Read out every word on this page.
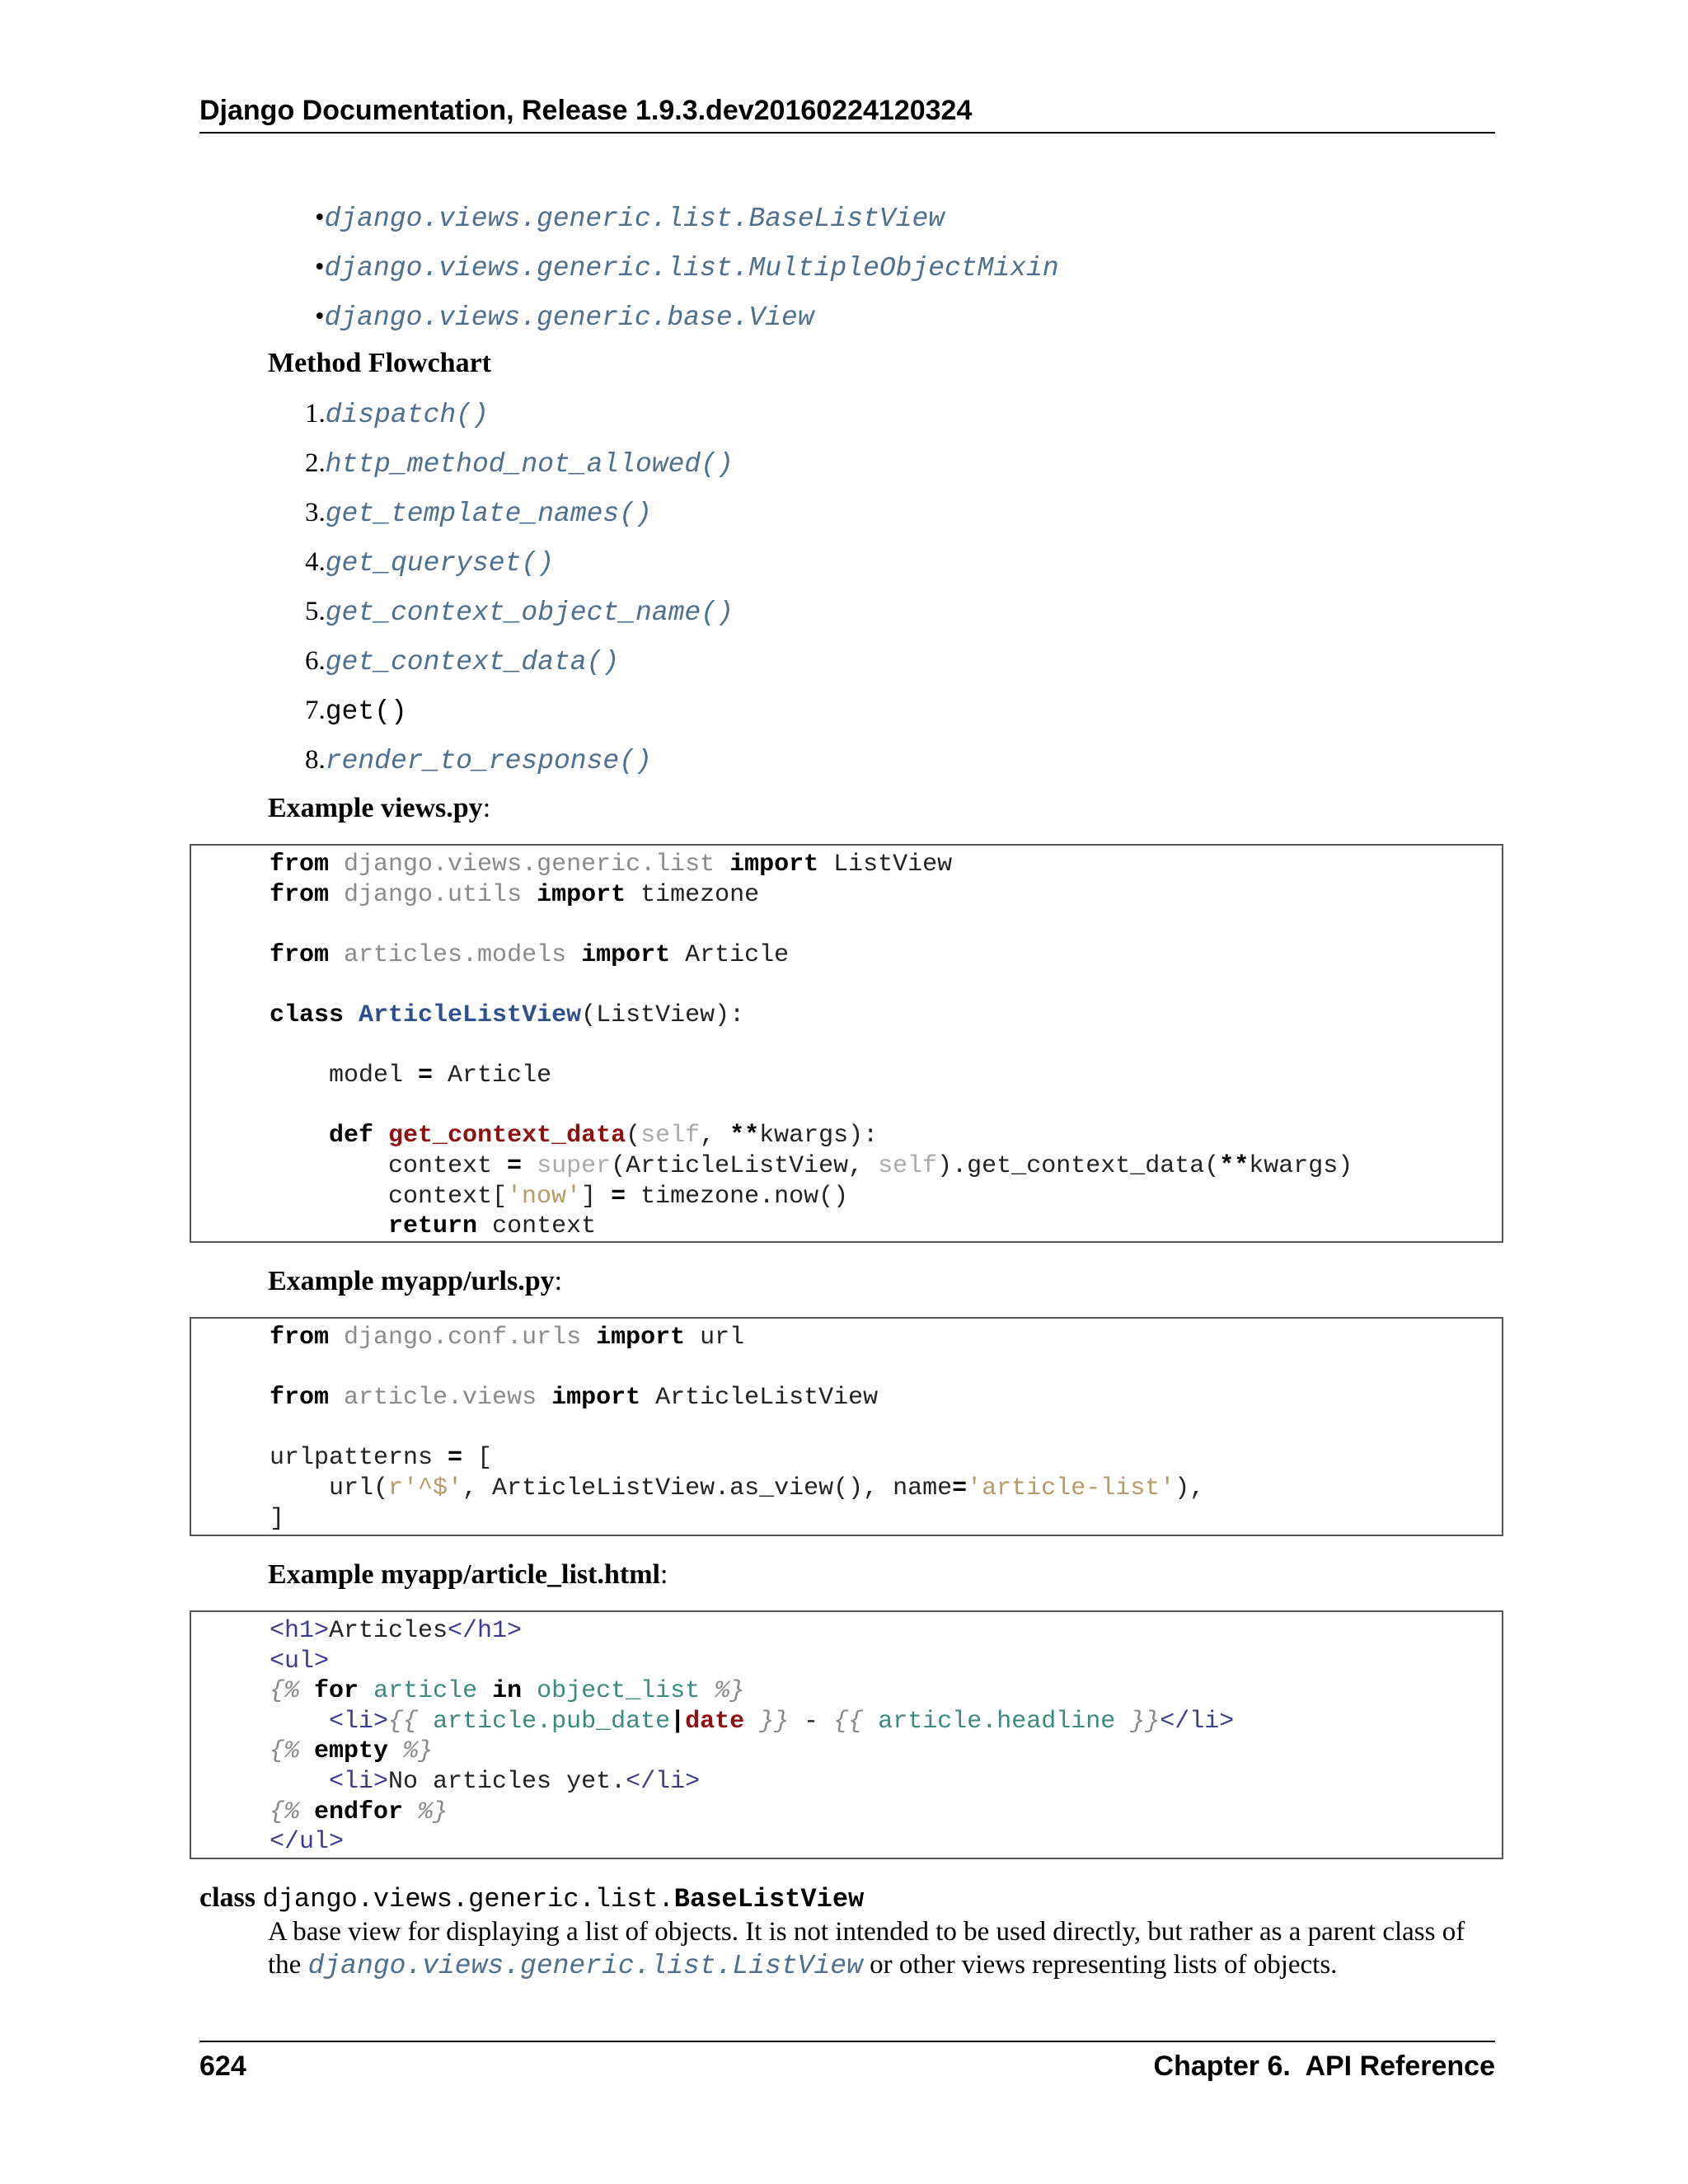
Django Documentation, Release 1.9.3.dev20160224120324
•django.views.generic.list.BaseListView
•django.views.generic.list.MultipleObjectMixin
•django.views.generic.base.View
Method Flowchart
1.dispatch()
2.http_method_not_allowed()
3.get_template_names()
4.get_queryset()
5.get_context_object_name()
6.get_context_data()
7.get()
8.render_to_response()
Example views.py:
from django.views.generic.list import ListView
from django.utils import timezone

from articles.models import Article

class ArticleListView(ListView):

model = Article

def get_context_data(self, **kwargs):
context = super(ArticleListView, self).get_context_data(**kwargs)
context['now'] = timezone.now()
return context
Example myapp/urls.py:
from django.conf.urls import url

from article.views import ArticleListView

urlpatterns = [
url(r'^$', ArticleListView.as_view(), name='article-list'),
]
Example myapp/article_list.html:
<h1>Articles</h1>
<ul>
{% for article in object_list %}
<li>{{ article.pub_date|date }} - {{ article.headline }}</li>
{% empty %}
<li>No articles yet.</li>
{% endfor %}
</ul>
class django.views.generic.list.BaseListView
A base view for displaying a list of objects. It is not intended to be used directly, but rather as a parent class of
the django.views.generic.list.ListView or other views representing lists of objects.
624	Chapter 6.  API Reference
